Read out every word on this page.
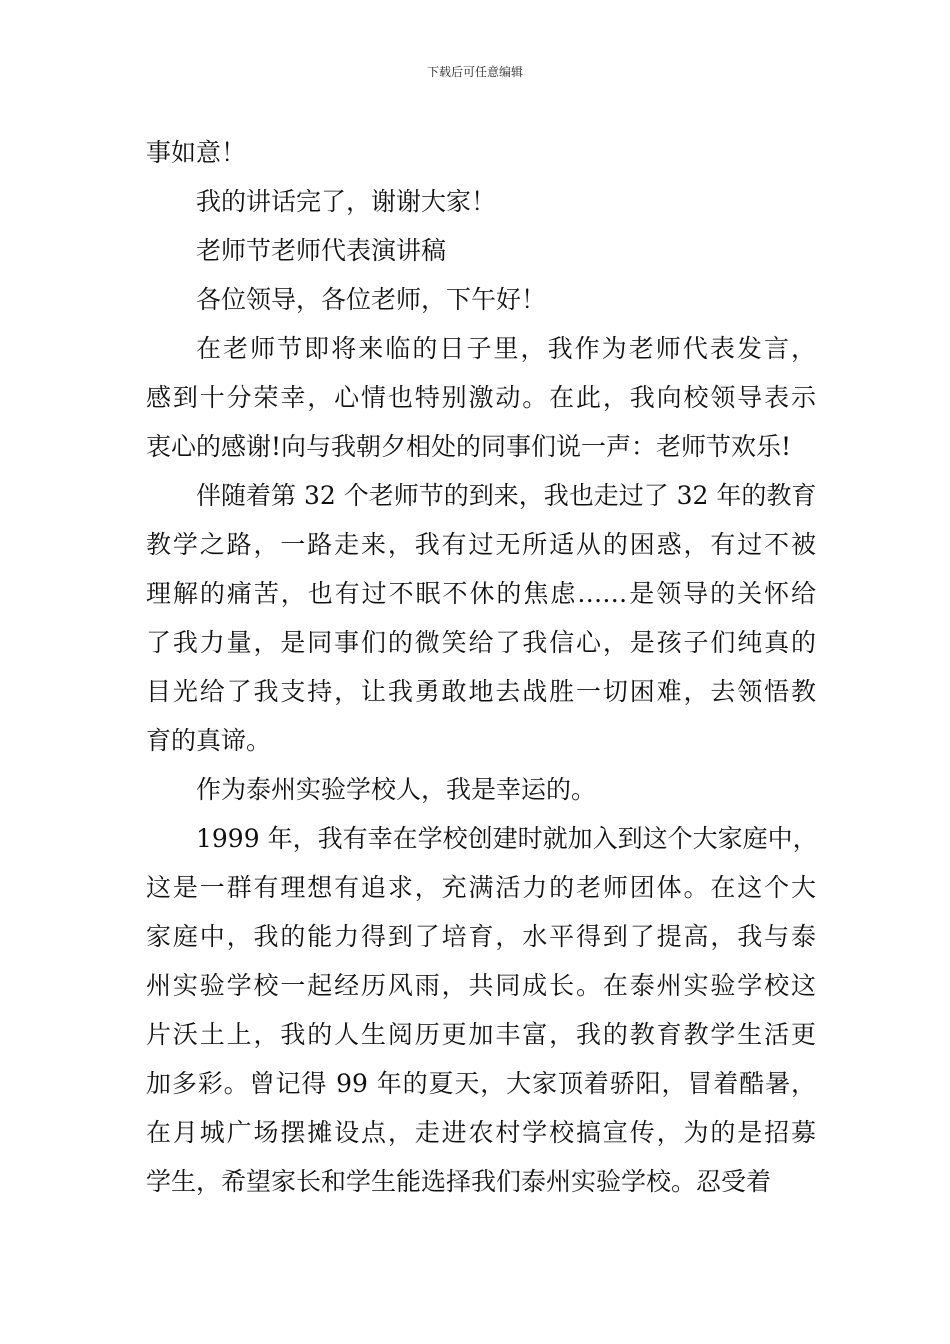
下载后可任意编辑

事如意！

我的讲话完了，谢谢大家！

老师节老师代表演讲稿

各位领导，各位老师，下午好！

在老师节即将来临的日子里，我作为老师代表发言，
感到十分荣幸，心情也特别激动。在此，我向校领导表示
衷心的感谢!向与我朝夕相处的同事们说一声：老师节欢乐!

伴随着第 32 个老师节的到来，我也走过了 32 年的教育
教学之路，一路走来，我有过无所适从的困惑，有过不被
理解的痛苦，也有过不眠不休的焦虑……是领导的关怀给
了我力量，是同事们的微笑给了我信心，是孩子们纯真的
目光给了我支持，让我勇敢地去战胜一切困难，去领悟教
育的真谛。

作为泰州实验学校人，我是幸运的。

1999 年，我有幸在学校创建时就加入到这个大家庭中，
这是一群有理想有追求，充满活力的老师团体。在这个大
家庭中，我的能力得到了培育，水平得到了提高，我与泰
州实验学校一起经历风雨，共同成长。在泰州实验学校这
片沃土上，我的人生阅历更加丰富，我的教育教学生活更
加多彩。曾记得 99 年的夏天，大家顶着骄阳，冒着酷暑，
在月城广场摆摊设点，走进农村学校搞宣传，为的是招募
学生，希望家长和学生能选择我们泰州实验学校。忍受着
